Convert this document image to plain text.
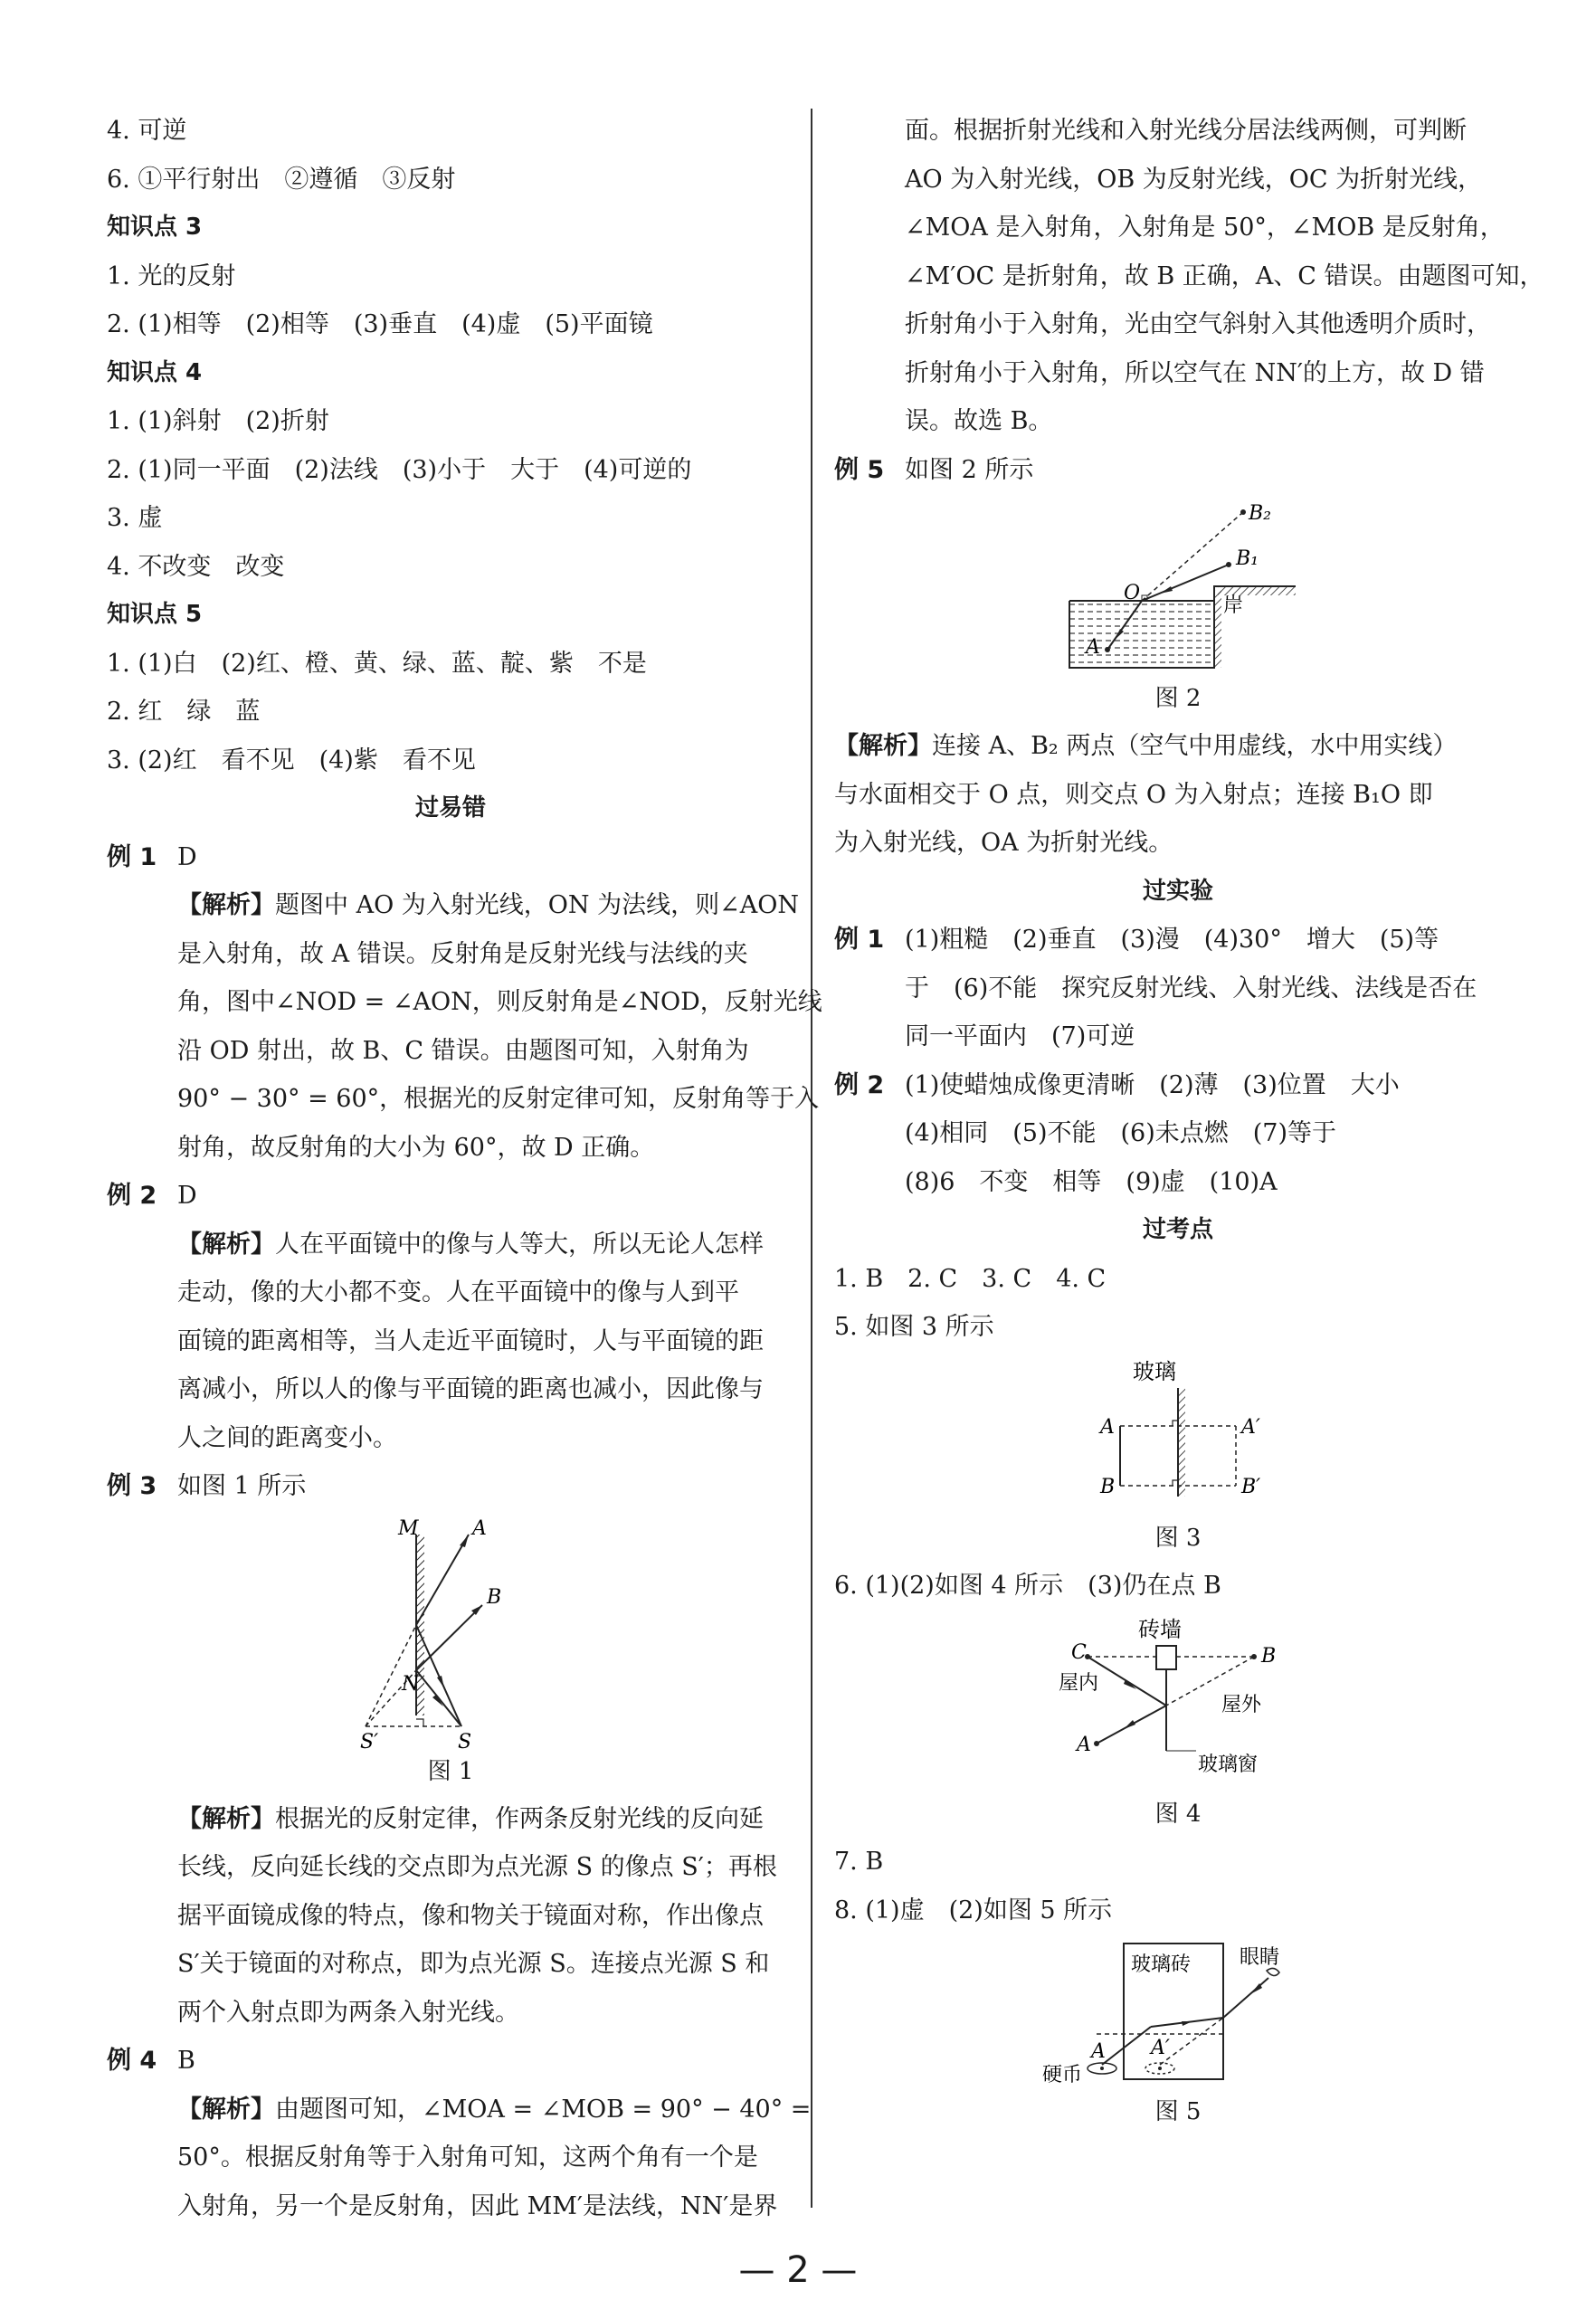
4. 可逆

6. ①平行射出　②遵循　③反射

知识点 3

1. 光的反射

2. (1)相等　(2)相等　(3)垂直　(4)虚　(5)平面镜

知识点 4

1. (1)斜射　(2)折射

2. (1)同一平面　(2)法线　(3)小于　大于　(4)可逆的

3. 虚

4. 不改变　改变

知识点 5

1. (1)白　(2)红、橙、黄、绿、蓝、靛、紫　不是

2. 红　绿　蓝

3. (2)红　看不见　(4)紫　看不见

过易错

例 1 D

【解析】题图中 AO 为入射光线，ON 为法线，则∠AON

是入射角，故 A 错误。反射角是反射光线与法线的夹

角，图中∠NOD = ∠AON，则反射角是∠NOD，反射光线

沿 OD 射出，故 B、C 错误。由题图可知，入射角为

90° − 30° = 60°，根据光的反射定律可知，反射角等于入

射角，故反射角的大小为 60°，故 D 正确。

例 2 D

【解析】人在平面镜中的像与人等大，所以无论人怎样

走动，像的大小都不变。人在平面镜中的像与人到平

面镜的距离相等，当人走近平面镜时，人与平面镜的距

离减小，所以人的像与平面镜的距离也减小，因此像与

人之间的距离变小。

例 3 如图 1 所示

M	A
B
N
S′	S

图 1

【解析】根据光的反射定律，作两条反射光线的反向延

长线，反向延长线的交点即为点光源 S 的像点 S′；再根

据平面镜成像的特点，像和物关于镜面对称，作出像点

S′关于镜面的对称点，即为点光源 S。连接点光源 S 和

两个入射点即为两条入射光线。

例 4 B

【解析】由题图可知，∠MOA = ∠MOB = 90° − 40° =

50°。根据反射角等于入射角可知，这两个角有一个是

入射角，另一个是反射角，因此 MM′是法线，NN′是界

面。根据折射光线和入射光线分居法线两侧，可判断

AO 为入射光线，OB 为反射光线，OC 为折射光线，

∠MOA 是入射角，入射角是 50°，∠MOB 是反射角，

∠M′OC 是折射角，故 B 正确，A、C 错误。由题图可知，

折射角小于入射角，光由空气斜射入其他透明介质时，

折射角小于入射角，所以空气在 NN′的上方，故 D 错

误。故选 B。

例 5 如图 2 所示

B₂
B₁
O
A
岸

图 2

【解析】连接 A、B₂ 两点（空气中用虚线，水中用实线）

与水面相交于 O 点，则交点 O 为入射点；连接 B₁O 即

为入射光线，OA 为折射光线。

过实验

例 1 (1)粗糙　(2)垂直　(3)漫　(4)30°　增大　(5)等

于　(6)不能　探究反射光线、入射光线、法线是否在

同一平面内　(7)可逆

例 2 (1)使蜡烛成像更清晰　(2)薄　(3)位置　大小

(4)相同　(5)不能　(6)未点燃　(7)等于

(8)6　不变　相等　(9)虚　(10)A

过考点

1. B　2. C　3. C　4. C

5. 如图 3 所示

玻璃
A	A′
B	B′

图 3

6. (1)(2)如图 4 所示　(3)仍在点 B

砖墙
C	B
屋内
屋外
A
玻璃窗

图 4

7. B

8. (1)虚　(2)如图 5 所示

玻璃砖 眼睛
A A′
硬币

图 5

— 2 —
